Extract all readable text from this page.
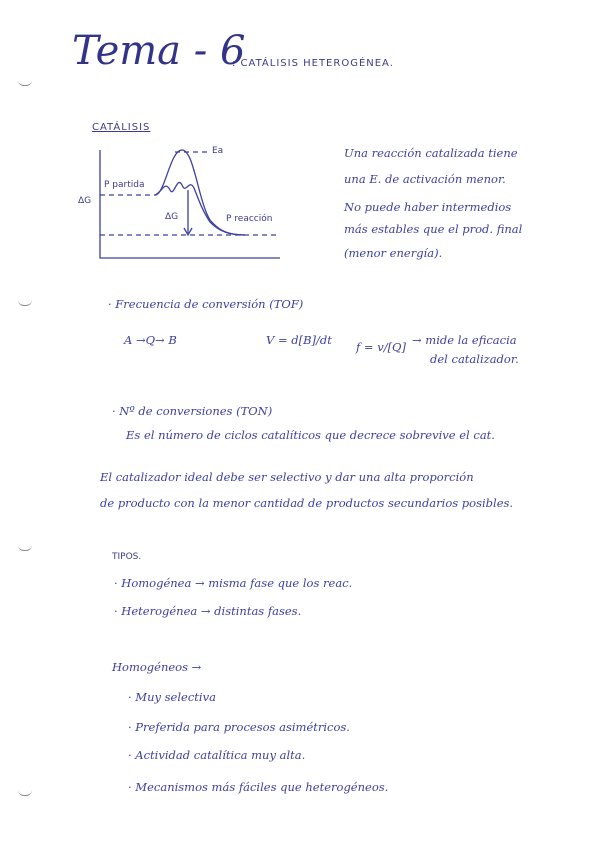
Tema - 6
: CATÁLISIS HETEROGÉNEA.
CATÁLISIS
Ea
P partida
ΔG
ΔG	P reacción
Una reacción catalizada tiene
una E. de activación menor.
No puede haber intermedios
más estables que el prod. final
(menor energía).
· Frecuencia de conversión (TOF)
A →Q→ B	V = d[B]/dt f = v/[Q] → mide la eficacia
del catalizador.
· Nº de conversiones (TON)
Es el número de ciclos catalíticos que decrece sobrevive el cat.
El catalizador ideal debe ser selectivo y dar una alta proporción
de producto con la menor cantidad de productos secundarios posibles.
TIPOS.
· Homogénea → misma fase que los reac.
· Heterogénea → distintas fases.
Homogéneos →
· Muy selectiva
· Preferida para procesos asimétricos.
· Actividad catalítica muy alta.
· Mecanismos más fáciles que heterogéneos.
